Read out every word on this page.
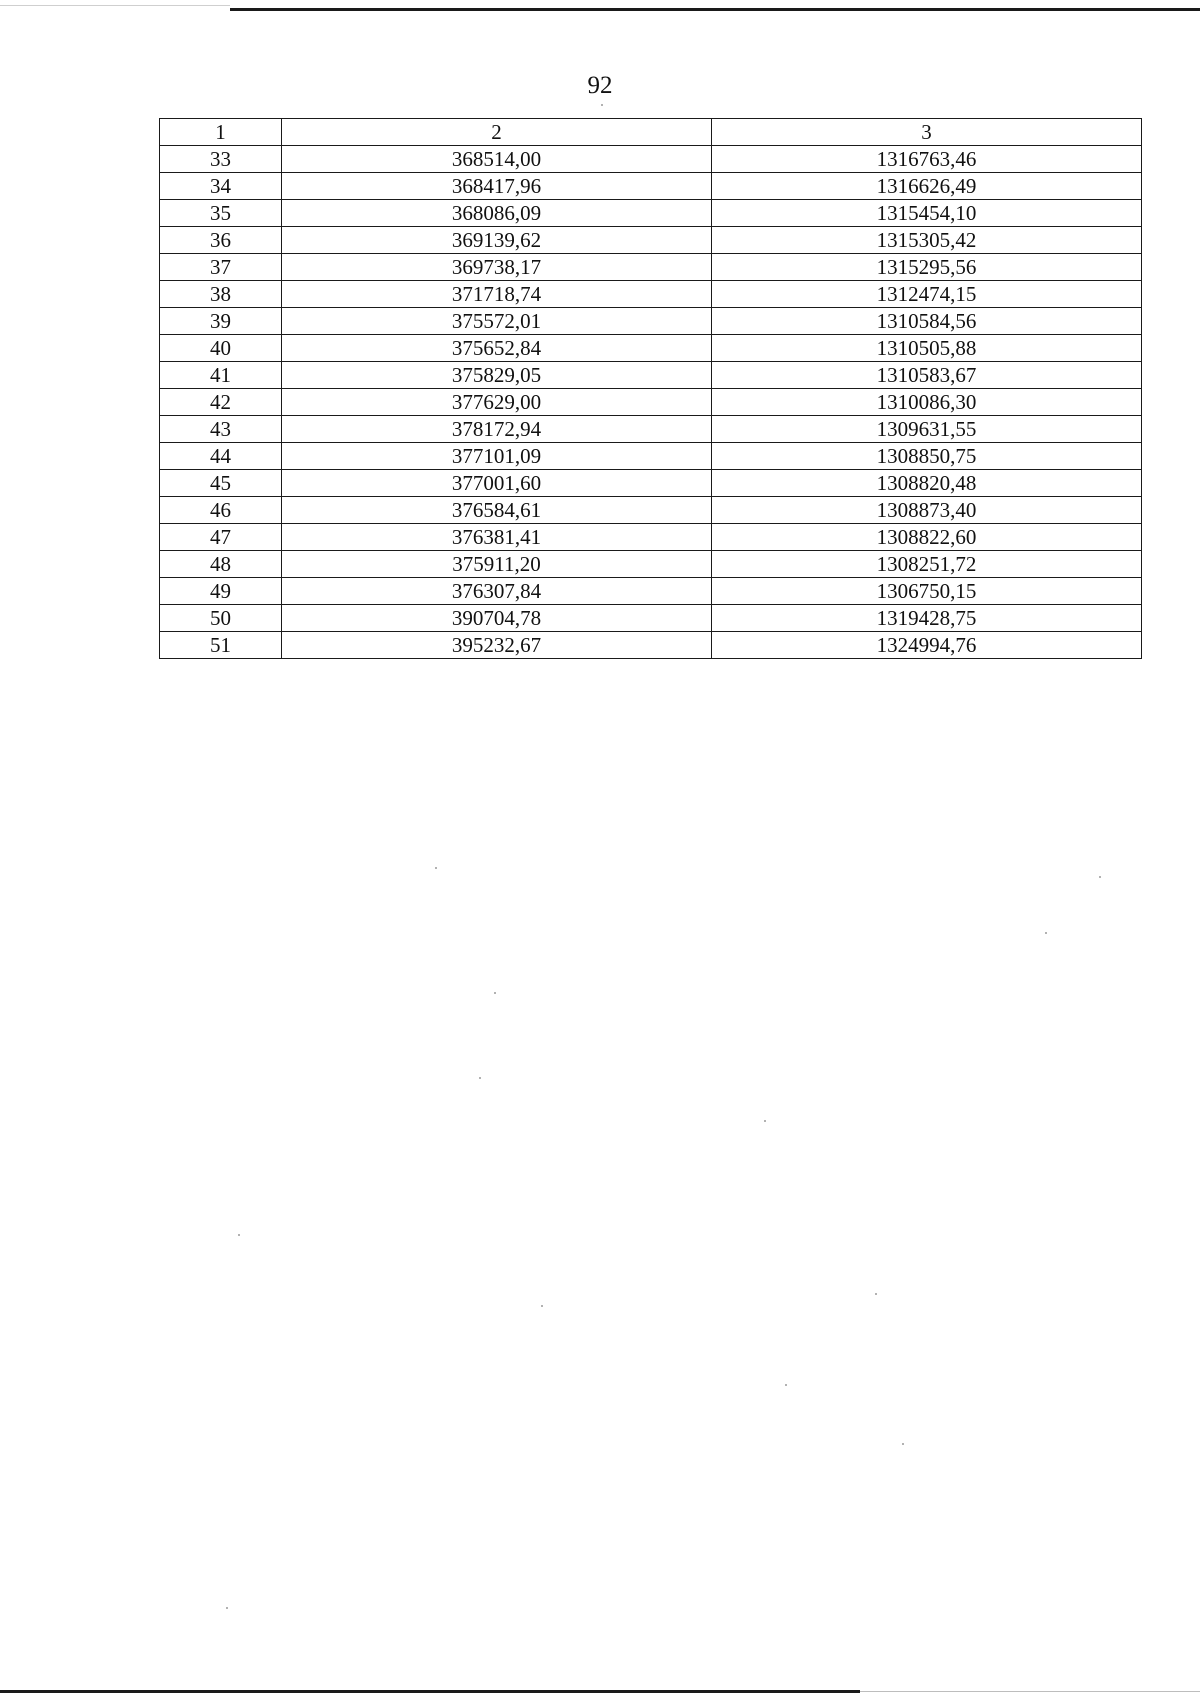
92
1	2	3
33	368514,00	1316763,46
34	368417,96	1316626,49
35	368086,09	1315454,10
36	369139,62	1315305,42
37	369738,17	1315295,56
38	371718,74	1312474,15
39	375572,01	1310584,56
40	375652,84	1310505,88
41	375829,05	1310583,67
42	377629,00	1310086,30
43	378172,94	1309631,55
44	377101,09	1308850,75
45	377001,60	1308820,48
46	376584,61	1308873,40
47	376381,41	1308822,60
48	375911,20	1308251,72
49	376307,84	1306750,15
50	390704,78	1319428,75
51	395232,67	1324994,76
